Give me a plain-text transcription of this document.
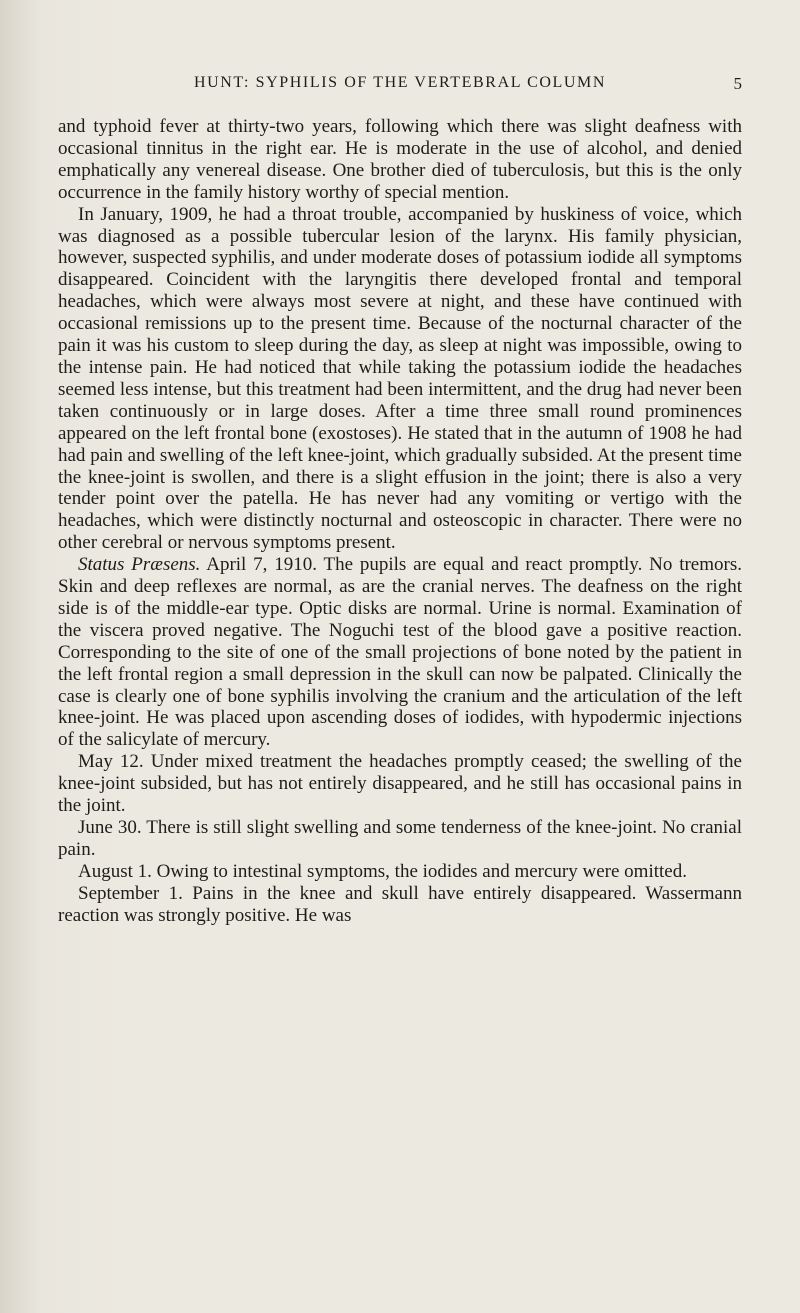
HUNT: SYPHILIS OF THE VERTEBRAL COLUMN	5

and typhoid fever at thirty-two years, following which there was slight deafness with occasional tinnitus in the right ear. He is moderate in the use of alcohol, and denied emphatically any venereal disease. One brother died of tuberculosis, but this is the only occurrence in the family history worthy of special mention.

In January, 1909, he had a throat trouble, accompanied by huskiness of voice, which was diagnosed as a possible tubercular lesion of the larynx. His family physician, however, suspected syphilis, and under moderate doses of potassium iodide all symptoms disappeared. Coincident with the laryngitis there developed frontal and temporal headaches, which were always most severe at night, and these have continued with occasional remissions up to the present time. Because of the nocturnal character of the pain it was his custom to sleep during the day, as sleep at night was impossible, owing to the intense pain. He had noticed that while taking the potassium iodide the headaches seemed less intense, but this treatment had been intermittent, and the drug had never been taken continuously or in large doses. After a time three small round prominences appeared on the left frontal bone (exostoses). He stated that in the autumn of 1908 he had had pain and swelling of the left knee-joint, which gradually subsided. At the present time the knee-joint is swollen, and there is a slight effusion in the joint; there is also a very tender point over the patella. He has never had any vomiting or vertigo with the headaches, which were distinctly nocturnal and osteoscopic in character. There were no other cerebral or nervous symptoms present.

Status Præsens. April 7, 1910. The pupils are equal and react promptly. No tremors. Skin and deep reflexes are normal, as are the cranial nerves. The deafness on the right side is of the middle-ear type. Optic disks are normal. Urine is normal. Examination of the viscera proved negative. The Noguchi test of the blood gave a positive reaction. Corresponding to the site of one of the small projections of bone noted by the patient in the left frontal region a small depression in the skull can now be palpated. Clinically the case is clearly one of bone syphilis involving the cranium and the articulation of the left knee-joint. He was placed upon ascending doses of iodides, with hypodermic injections of the salicylate of mercury.

May 12. Under mixed treatment the headaches promptly ceased; the swelling of the knee-joint subsided, but has not entirely disappeared, and he still has occasional pains in the joint.

June 30. There is still slight swelling and some tenderness of the knee-joint. No cranial pain.

August 1. Owing to intestinal symptoms, the iodides and mercury were omitted.

September 1. Pains in the knee and skull have entirely disappeared. Wassermann reaction was strongly positive. He was
